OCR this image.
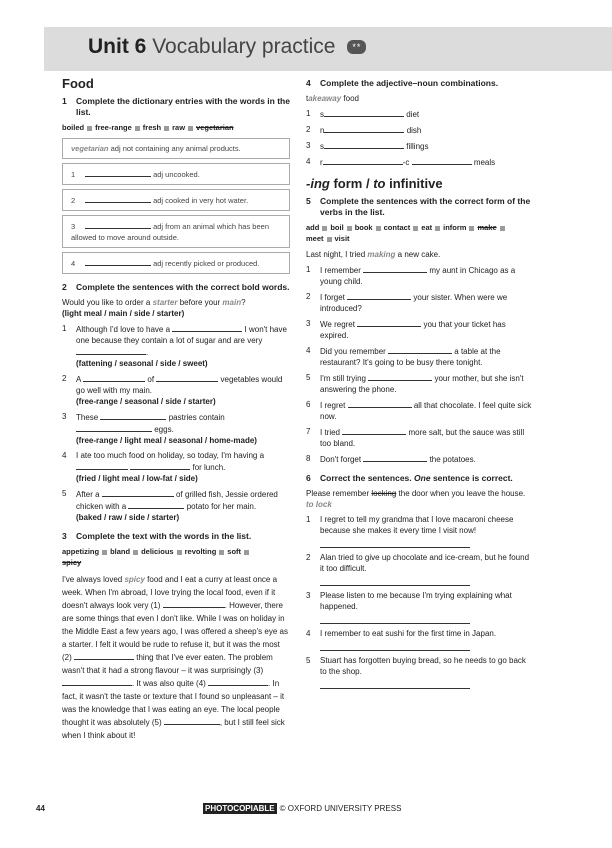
Unit 6 Vocabulary practice **
Food
1	Complete the dictionary entries with the words in the list.
boiled free-range fresh raw vegetarian
vegetarian adj not containing any animal products.
1	adj uncooked.
2	adj cooked in very hot water.
3	adj from an animal which has been allowed to move around outside.
4	adj recently picked or produced.
2	Complete the sentences with the correct bold words.
Would you like to order a starter before your main?
(light meal / main / side / starter)
1	Although I'd love to have a	I won't have one because they contain a lot of sugar and are very .
(fattening / seasonal / side / sweet)
2	A	of	vegetables would go well with my main.
(free-range / seasonal / side / starter)
3	These	pastries contain  eggs.
(free-range / light meal / seasonal / home-made)
4	I ate too much food on holiday, so today, I'm having a   for lunch.
(fried / light meal / low-fat / side)
5	After a	of grilled fish, Jessie ordered chicken with a	potato for her main.
(baked / raw / side / starter)
3	Complete the text with the words in the list.
appetizing bland delicious revolting soft
spicy

I've always loved spicy food and I eat a curry at least once a week. When I'm abroad, I love trying the local food, even if it doesn't always look very (1)	. However, there are some things that even I don't like. While I was on holiday in the Middle East a few years ago, I was offered a sheep's eye as a starter. I felt it would be rude to refuse it, but it was the most (2)	thing that I've ever eaten. The problem wasn't that it had a strong flavour – it was surprisingly (3) . It was also quite (4)	. In fact, it wasn't the taste or texture that I found so unpleasant – it was the knowledge that I was eating an eye. The local people thought it was absolutely (5)	, but I still feel sick when I think about it!

4	Complete the adjective–noun combinations.
takeaway food
1	s	diet
2	n	dish
3	s	fillings
4	r	-c	meals
-ing form / to infinitive
5	Complete the sentences with the correct form of the verbs in the list.
add boil book contact eat inform make
meet visit
Last night, I tried making a new cake.
1	I remember	my aunt in Chicago as a young child.
2	I forget	your sister. When were we introduced?
3	We regret	you that your ticket has expired.
4	Did you remember	a table at the restaurant? It's going to be busy there tonight.
5	I'm still trying	your mother, but she isn't answering the phone.
6	I regret	all that chocolate. I feel quite sick now.
7	I tried	more salt, but the sauce was still too bland.
8	Don't forget	the potatoes.
6	Correct the sentences. One sentence is correct.
Please remember locking the door when you leave the house. to lock
1	I regret to tell my grandma that I love macaroni cheese because she makes it every time I visit now!
2	Alan tried to give up chocolate and ice-cream, but he found it too difficult.
3	Please listen to me because I'm trying explaining what happened.
4	I remember to eat sushi for the first time in Japan.
5	Stuart has forgotten buying bread, so he needs to go back to the shop.
44	PHOTOCOPIABLE © OXFORD UNIVERSITY PRESS
